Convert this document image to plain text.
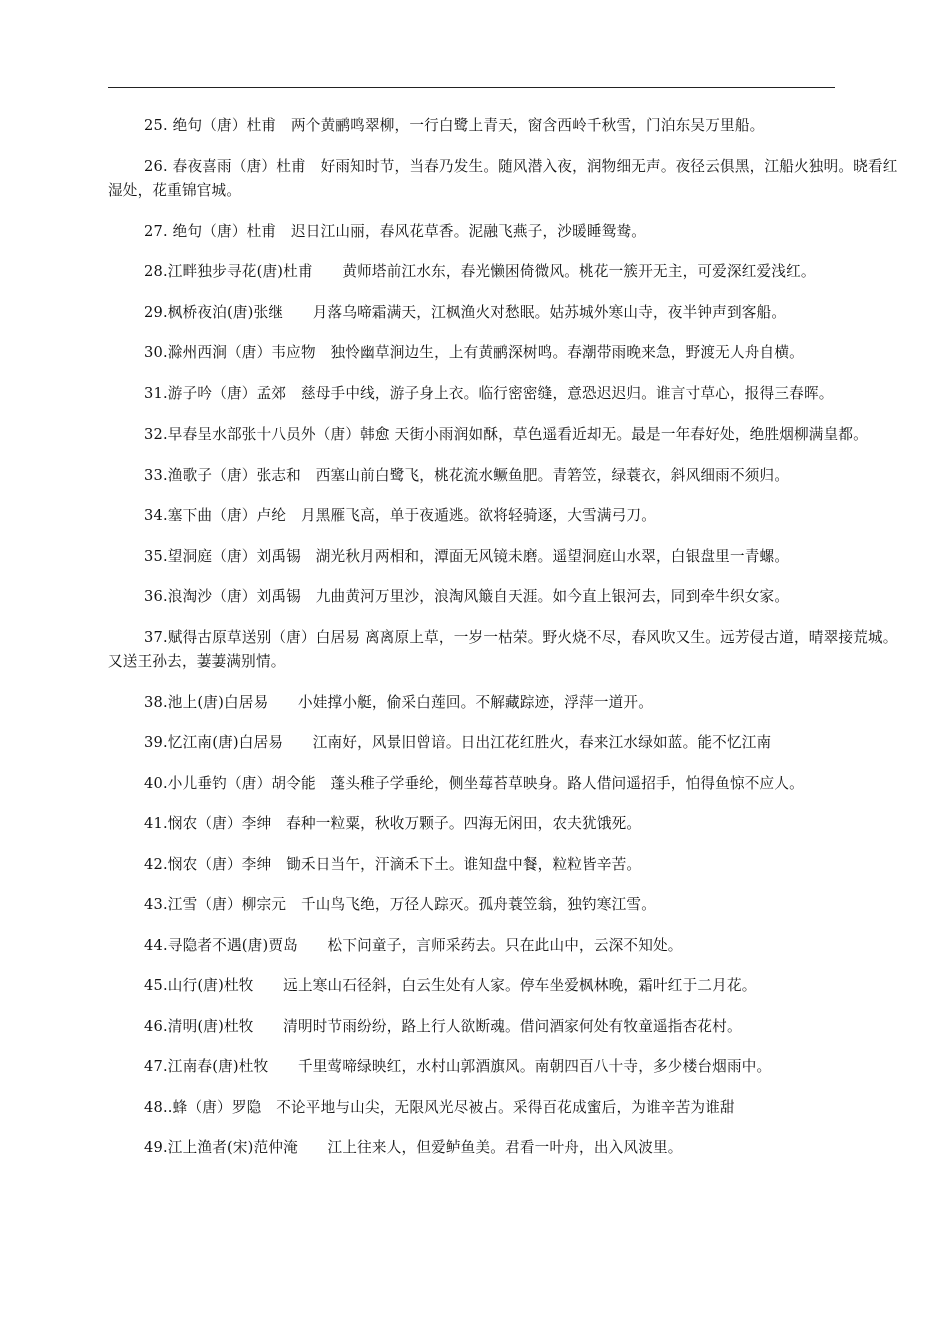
25. 绝句（唐）杜甫　两个黄鹂鸣翠柳，一行白鹭上青天，窗含西岭千秋雪，门泊东吴万里船。

26. 春夜喜雨（唐）杜甫　好雨知时节，当春乃发生。随风潜入夜，润物细无声。夜径云俱黑，江船火独明。晓看红湿处，花重锦官城。

27. 绝句（唐）杜甫　迟日江山丽，春风花草香。泥融飞燕子，沙暖睡鸳鸯。

28.江畔独步寻花(唐)杜甫　　黄师塔前江水东，春光懒困倚微风。桃花一簇开无主，可爱深红爱浅红。

29.枫桥夜泊(唐)张继　　月落乌啼霜满天，江枫渔火对愁眠。姑苏城外寒山寺，夜半钟声到客船。

30.滁州西涧（唐）韦应物　独怜幽草涧边生，上有黄鹂深树鸣。春潮带雨晚来急，野渡无人舟自横。

31.游子吟（唐）孟郊　慈母手中线，游子身上衣。临行密密缝，意恐迟迟归。谁言寸草心，报得三春晖。

32.早春呈水部张十八员外（唐）韩愈 天街小雨润如酥，草色遥看近却无。最是一年春好处，绝胜烟柳满皇都。

33.渔歌子（唐）张志和　西塞山前白鹭飞，桃花流水鳜鱼肥。青箬笠，绿蓑衣，斜风细雨不须归。

34.塞下曲（唐）卢纶　月黑雁飞高，单于夜遁逃。欲将轻骑逐，大雪满弓刀。

35.望洞庭（唐）刘禹锡　湖光秋月两相和，潭面无风镜未磨。遥望洞庭山水翠，白银盘里一青螺。

36.浪淘沙（唐）刘禹锡　九曲黄河万里沙，浪淘风簸自天涯。如今直上银河去，同到牵牛织女家。

37.赋得古原草送别（唐）白居易 离离原上草，一岁一枯荣。野火烧不尽，春风吹又生。远芳侵古道，晴翠接荒城。又送王孙去，萋萋满别情。

38.池上(唐)白居易　　小娃撑小艇，偷采白莲回。不解藏踪迹，浮萍一道开。

39.忆江南(唐)白居易　　江南好，风景旧曾谙。日出江花红胜火，春来江水绿如蓝。能不忆江南

40.小儿垂钓（唐）胡令能　蓬头稚子学垂纶，侧坐莓苔草映身。路人借问遥招手，怕得鱼惊不应人。

41.悯农（唐）李绅　春种一粒粟，秋收万颗子。四海无闲田，农夫犹饿死。

42.悯农（唐）李绅　锄禾日当午，汗滴禾下土。谁知盘中餐，粒粒皆辛苦。

43.江雪（唐）柳宗元　千山鸟飞绝，万径人踪灭。孤舟蓑笠翁，独钓寒江雪。

44.寻隐者不遇(唐)贾岛　　松下问童子，言师采药去。只在此山中，云深不知处。

45.山行(唐)杜牧　　远上寒山石径斜，白云生处有人家。停车坐爱枫林晚，霜叶红于二月花。

46.清明(唐)杜牧　　清明时节雨纷纷，路上行人欲断魂。借问酒家何处有牧童遥指杏花村。

47.江南春(唐)杜牧　　千里莺啼绿映红，水村山郭酒旗风。南朝四百八十寺，多少楼台烟雨中。

48..蜂（唐）罗隐　不论平地与山尖，无限风光尽被占。采得百花成蜜后，为谁辛苦为谁甜

49.江上渔者(宋)范仲淹　　江上往来人，但爱鲈鱼美。君看一叶舟，出入风波里。
